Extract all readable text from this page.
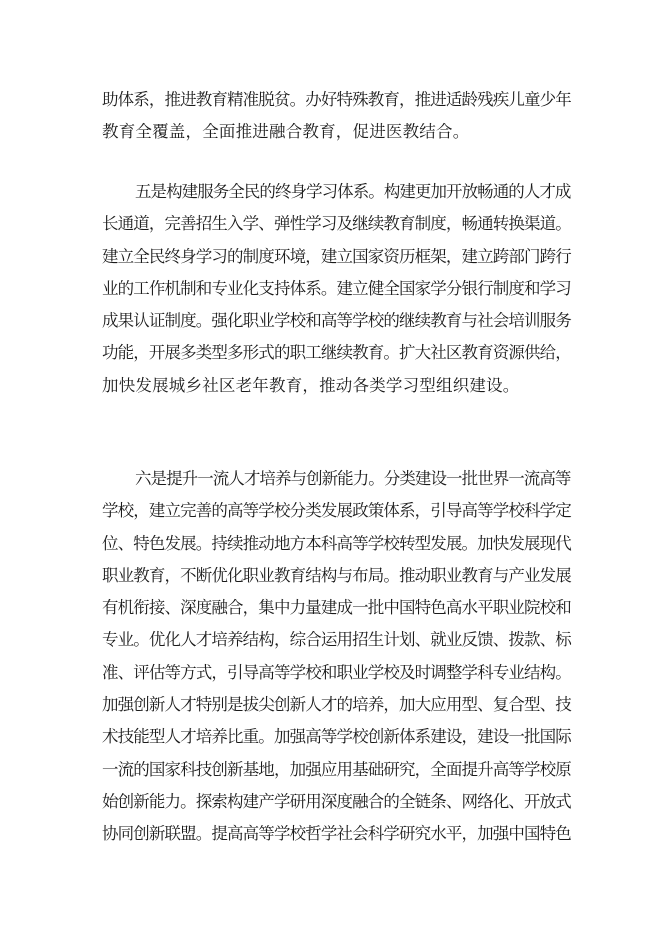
助体系，推进教育精准脱贫。办好特殊教育，推进适龄残疾儿童少年
教育全覆盖，全面推进融合教育，促进医教结合。
五是构建服务全民的终身学习体系。构建更加开放畅通的人才成
长通道，完善招生入学、弹性学习及继续教育制度，畅通转换渠道。
建立全民终身学习的制度环境，建立国家资历框架，建立跨部门跨行
业的工作机制和专业化支持体系。建立健全国家学分银行制度和学习
成果认证制度。强化职业学校和高等学校的继续教育与社会培训服务
功能，开展多类型多形式的职工继续教育。扩大社区教育资源供给，
加快发展城乡社区老年教育，推动各类学习型组织建设。
六是提升一流人才培养与创新能力。分类建设一批世界一流高等
学校，建立完善的高等学校分类发展政策体系，引导高等学校科学定
位、特色发展。持续推动地方本科高等学校转型发展。加快发展现代
职业教育，不断优化职业教育结构与布局。推动职业教育与产业发展
有机衔接、深度融合，集中力量建成一批中国特色高水平职业院校和
专业。优化人才培养结构，综合运用招生计划、就业反馈、拨款、标
准、评估等方式，引导高等学校和职业学校及时调整学科专业结构。
加强创新人才特别是拔尖创新人才的培养，加大应用型、复合型、技
术技能型人才培养比重。加强高等学校创新体系建设，建设一批国际
一流的国家科技创新基地，加强应用基础研究，全面提升高等学校原
始创新能力。探索构建产学研用深度融合的全链条、网络化、开放式
协同创新联盟。提高高等学校哲学社会科学研究水平，加强中国特色
